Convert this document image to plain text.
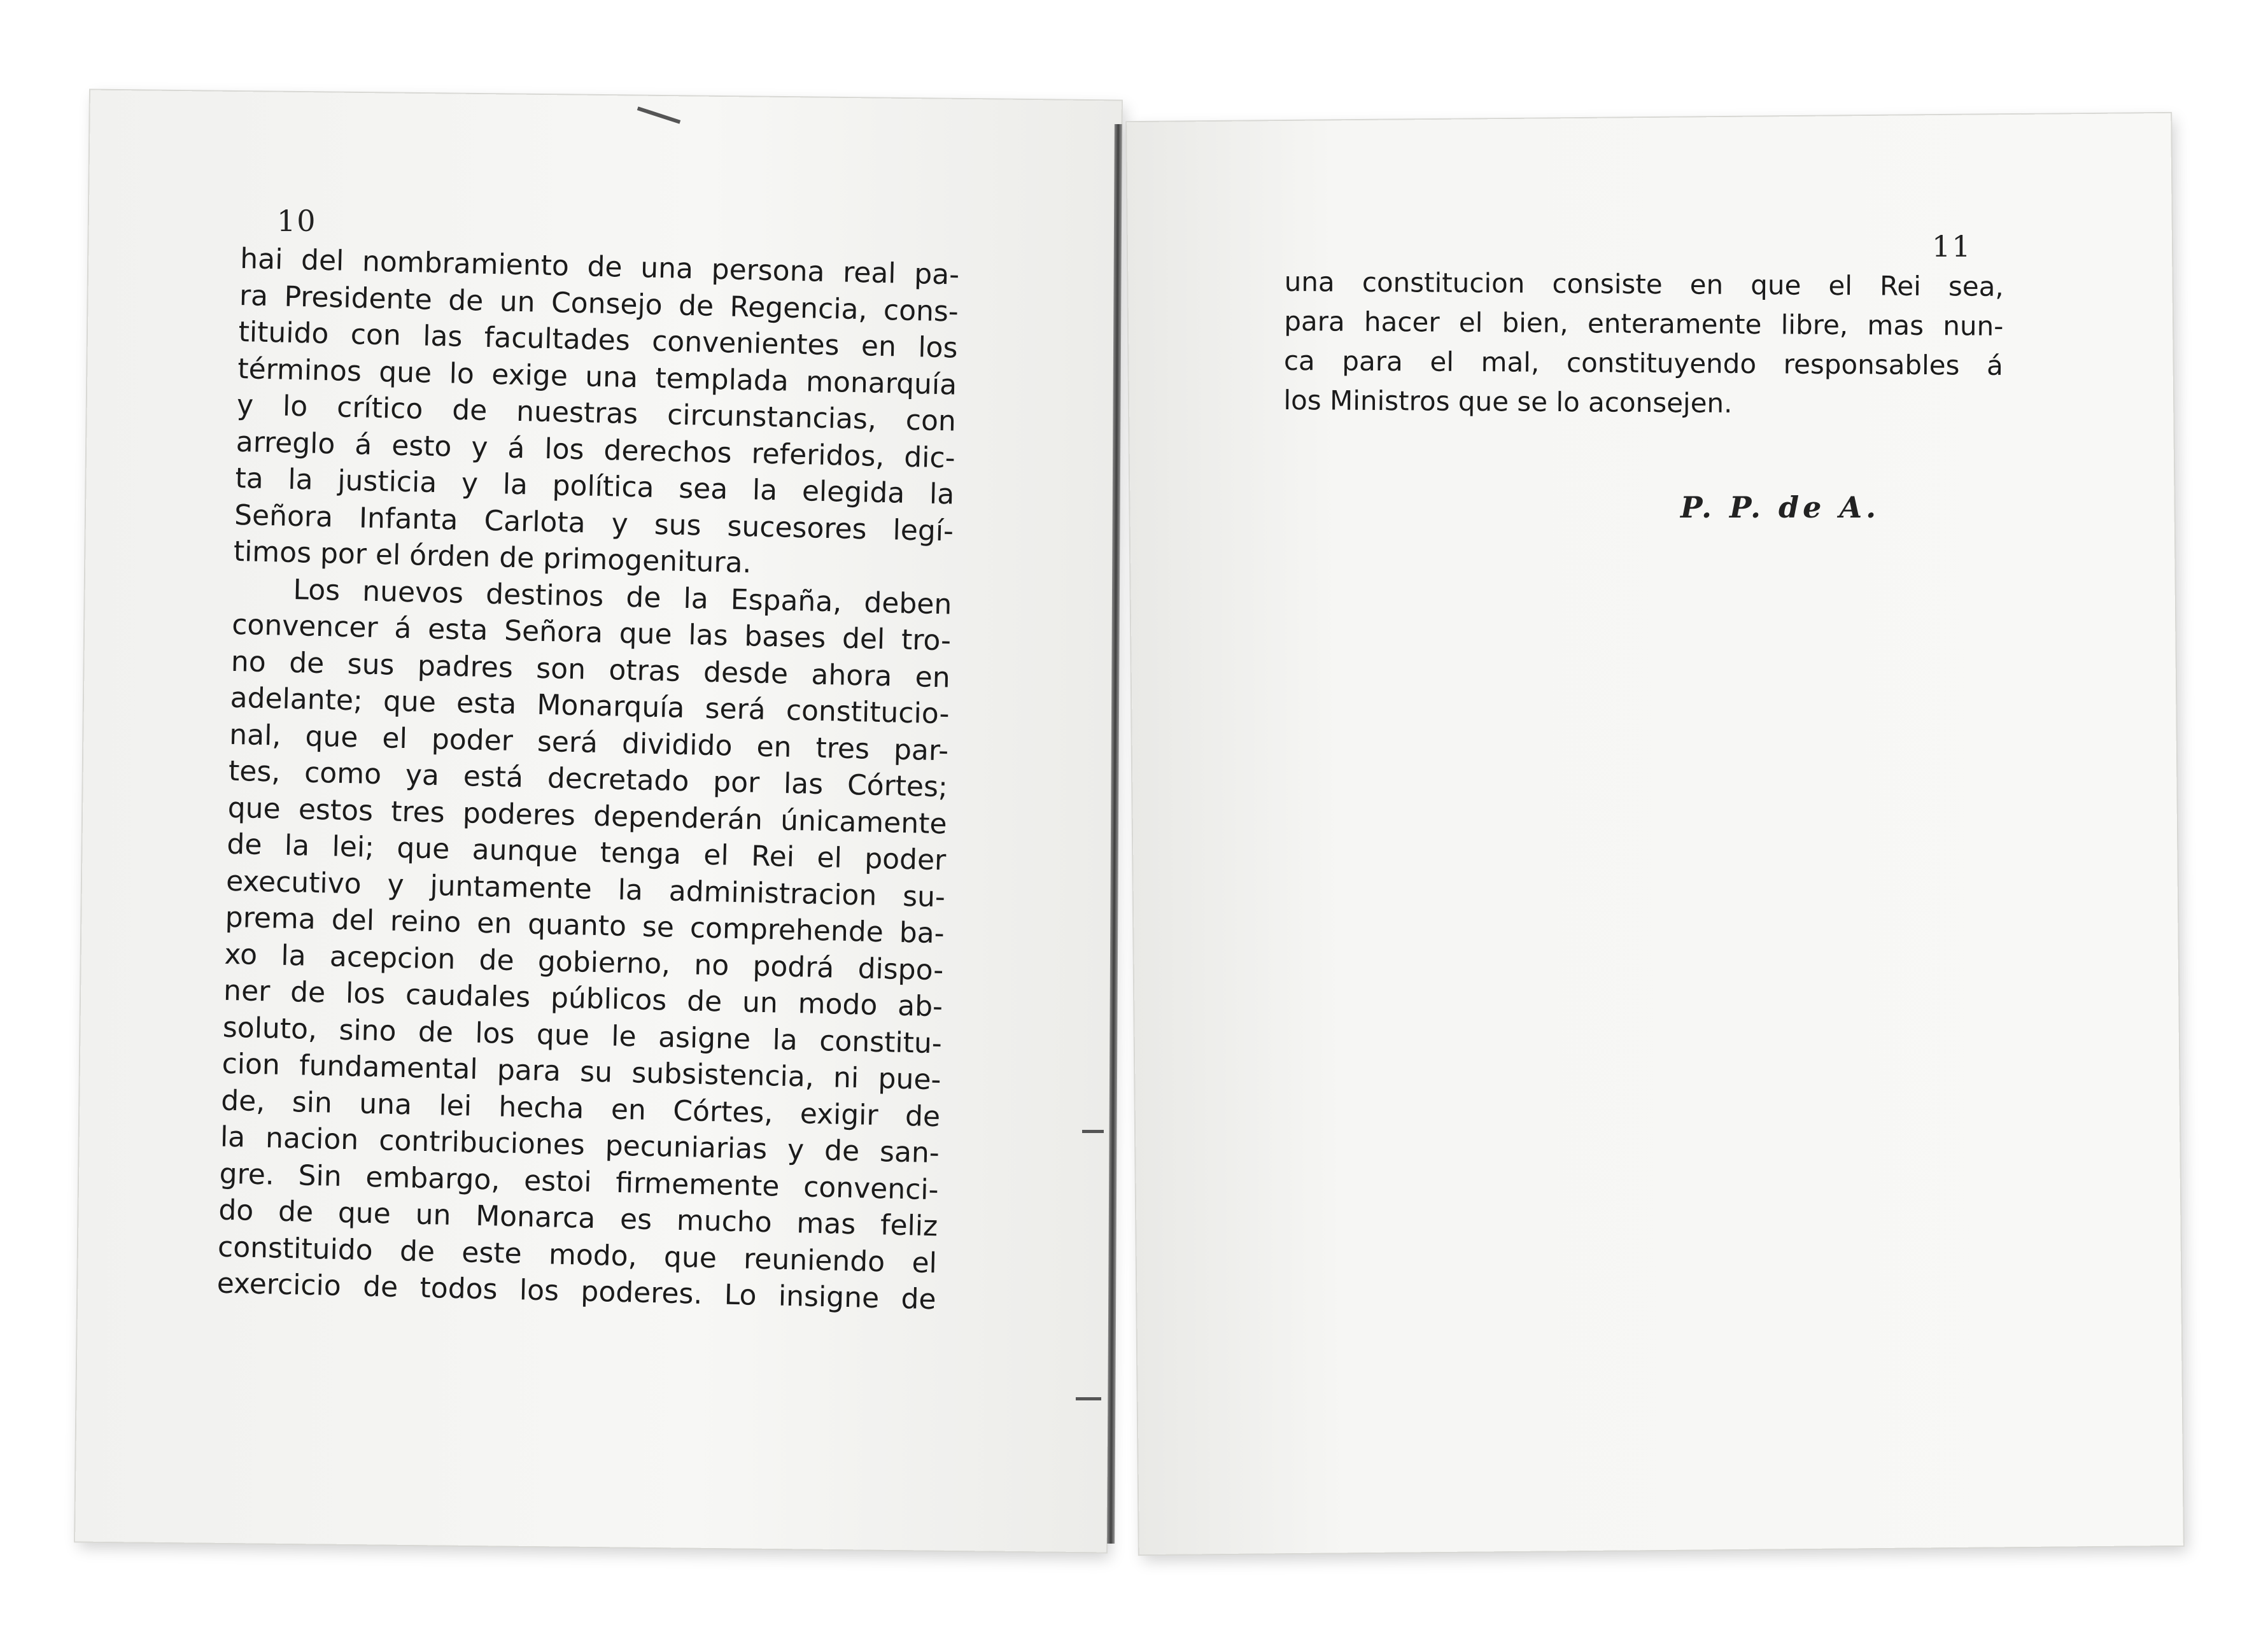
10
11
hai del nombramiento de una persona real pa-
ra Presidente de un Consejo de Regencia, cons-
tituido con las facultades convenientes en los
términos que lo exige una templada monarquía
y lo crítico de nuestras circunstancias, con
arreglo á esto y á los derechos referidos, dic-
ta la justicia y la política sea la elegida la
Señora Infanta Carlota y sus sucesores legí-
timos por el órden de primogenitura.
Los nuevos destinos de la España, deben
convencer á esta Señora que las bases del tro-
no de sus padres son otras desde ahora en
adelante; que esta Monarquía será constitucio-
nal, que el poder será dividido en tres par-
tes, como ya está decretado por las Córtes;
que estos tres poderes dependerán únicamente
de la lei; que aunque tenga el Rei el poder
executivo y juntamente la administracion su-
prema del reino en quanto se comprehende ba-
xo la acepcion de gobierno, no podrá dispo-
ner de los caudales públicos de un modo ab-
soluto, sino de los que le asigne la constitu-
cion fundamental para su subsistencia, ni pue-
de, sin una lei hecha en Córtes, exigir de
la nacion contribuciones pecuniarias y de san-
gre. Sin embargo, estoi firmemente convenci-
do de que un Monarca es mucho mas feliz
constituido de este modo, que reuniendo el
exercicio de todos los poderes. Lo insigne de
una constitucion consiste en que el Rei sea,
para hacer el bien, enteramente libre, mas nun-
ca para el mal, constituyendo responsables á
los Ministros que se lo aconsejen.
P. P. de A.
